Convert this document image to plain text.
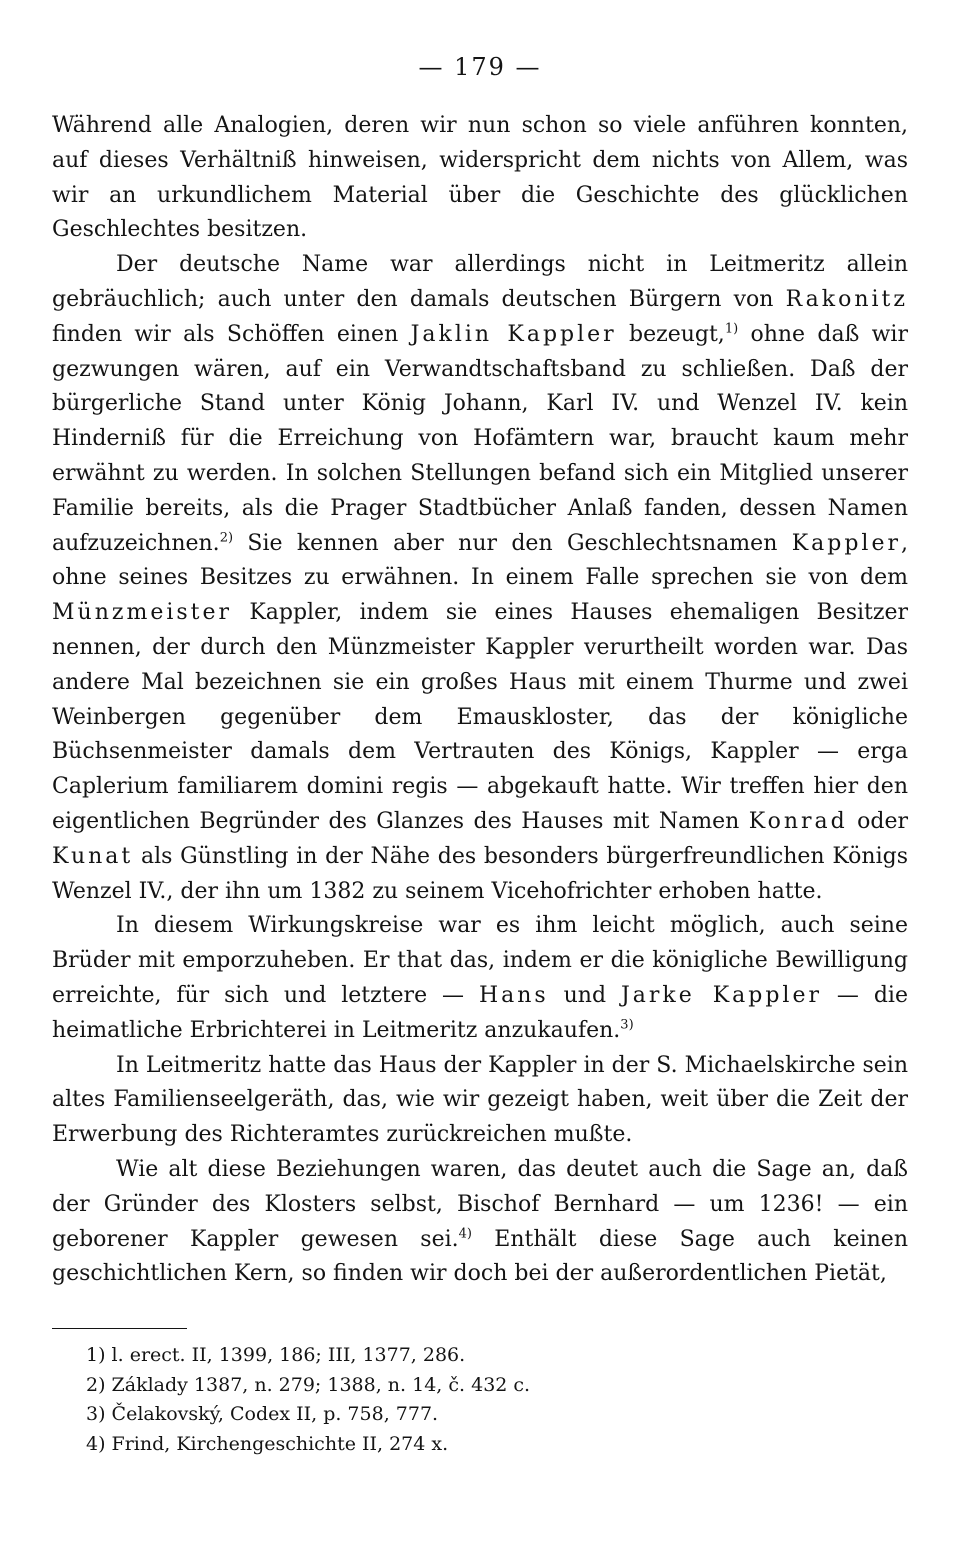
— 179 —

Während alle Analogien, deren wir nun schon so viele anführen konnten, auf dieses Verhältniß hinweisen, widerspricht dem nichts von Allem, was wir an urkundlichem Material über die Geschichte des glücklichen Geschlechtes besitzen.

Der deutsche Name war allerdings nicht in Leitmeritz allein gebräuchlich; auch unter den damals deutschen Bürgern von Rakonitz finden wir als Schöffen einen Jaklin Kappler bezeugt,$^{1)}$ ohne daß wir gezwungen wären, auf ein Verwandtschaftsband zu schließen. Daß der bürgerliche Stand unter König Johann, Karl IV. und Wenzel IV. kein Hinderniß für die Erreichung von Hofämtern war, braucht kaum mehr erwähnt zu werden. In solchen Stellungen befand sich ein Mitglied unserer Familie bereits, als die Prager Stadtbücher Anlaß fanden, dessen Namen aufzuzeichnen.$^{2)}$ Sie kennen aber nur den Geschlechtsnamen Kappler, ohne seines Besitzes zu erwähnen. In einem Falle sprechen sie von dem Münzmeister Kappler, indem sie eines Hauses ehemaligen Besitzer nennen, der durch den Münzmeister Kappler verurtheilt worden war. Das andere Mal bezeichnen sie ein großes Haus mit einem Thurme und zwei Weinbergen gegenüber dem Emausklоster, das der königliche Büchsenmeister damals dem Vertrauten des Königs, Kappler — erga Caplerium familiarem domini regis — abgekauft hatte. Wir treffen hier den eigentlichen Begründer des Glanzes des Hauses mit Namen Konrad oder Kunat als Günstling in der Nähe des besonders bürgerfreundlichen Königs Wenzel IV., der ihn um 1382 zu seinem Vicehofrichter erhoben hatte.

In diesem Wirkungskreise war es ihm leicht möglich, auch seine Brüder mit emporzuheben. Er that das, indem er die königliche Bewilligung erreichte, für sich und letztere — Hans und Jarke Kappler — die heimatliche Erbrichterei in Leitmeritz anzukaufen.$^{3)}$

In Leitmeritz hatte das Haus der Kappler in der S. Michaelskirche sein altes Familienseelgeräth, das, wie wir gezeigt haben, weit über die Zeit der Erwerbung des Richteramtes zurückreichen mußte.

Wie alt diese Beziehungen waren, das deutet auch die Sage an, daß der Gründer des Klosters selbst, Bischof Bernhard — um 1236! — ein geborener Kappler gewesen sei.$^{4)}$ Enthält diese Sage auch keinen geschichtlichen Kern, so finden wir doch bei der außerordentlichen Pietät,

1) l. erect. II, 1399, 186; III, 1377, 286.
2) Základy 1387, n. 279; 1388, n. 14, č. 432 c.
3) Čelakovský, Codex II, p. 758, 777.
4) Frind, Kirchengeschichte II, 274 x.
